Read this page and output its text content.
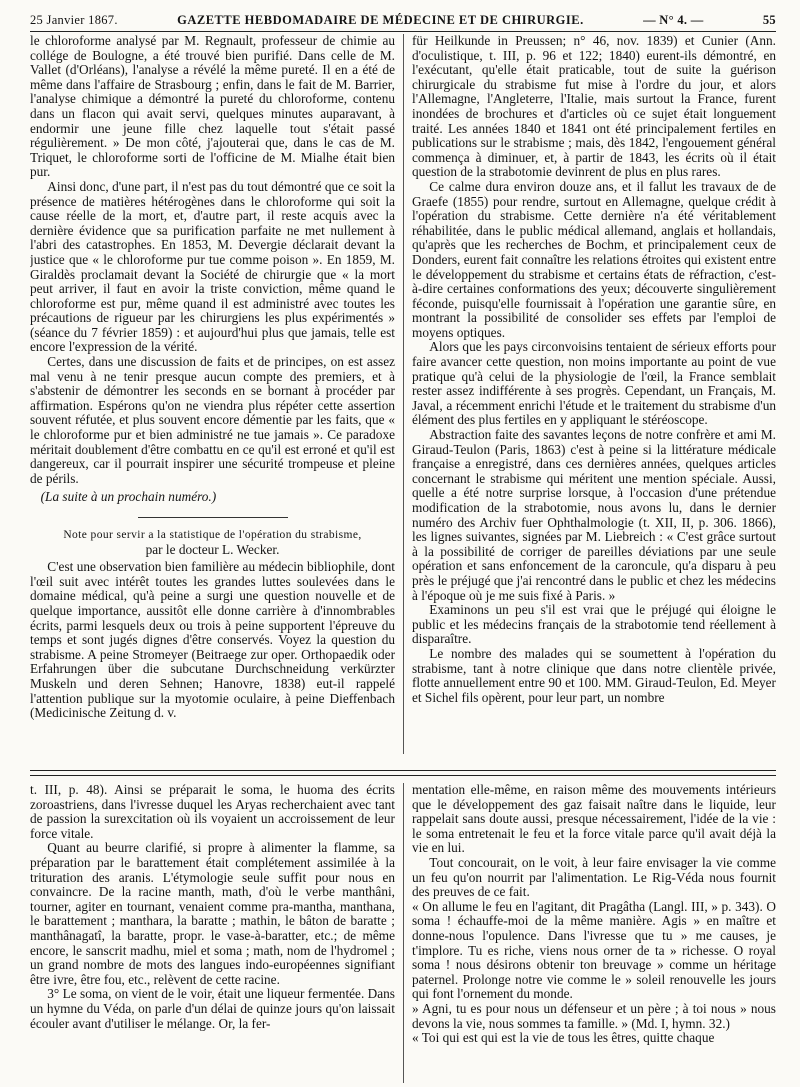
25 Janvier 1867.	GAZETTE HEBDOMADAIRE DE MÉDECINE ET DE CHIRURGIE.	— N° 4. —	55

le chloroforme analysé par M. Regnault, professeur de chimie au collége de Boulogne, a été trouvé bien purifié. Dans celle de M. Vallet (d'Orléans), l'analyse a révélé la même pureté. Il en a été de même dans l'affaire de Strasbourg ; enfin, dans le fait de M. Barrier, l'analyse chimique a démontré la pureté du chloroforme, contenu dans un flacon qui avait servi, quelques minutes auparavant, à endormir une jeune fille chez laquelle tout s'était passé régulièrement. » De mon côté, j'ajouterai que, dans le cas de M. Triquet, le chloroforme sorti de l'officine de M. Mialhe était bien pur.

Ainsi donc, d'une part, il n'est pas du tout démontré que ce soit la présence de matières hétérogènes dans le chloroforme qui soit la cause réelle de la mort, et, d'autre part, il reste acquis avec la dernière évidence que sa purification parfaite ne met nullement à l'abri des catastrophes. En 1853, M. Devergie déclarait devant la justice que « le chloroforme pur tue comme poison ». En 1859, M. Giraldès proclamait devant la Société de chirurgie que « la mort peut arriver, il faut en avoir la triste conviction, même quand le chloroforme est pur, même quand il est administré avec toutes les précautions de rigueur par les chirurgiens les plus expérimentés » (séance du 7 février 1859) : et aujourd'hui plus que jamais, telle est encore l'expression de la vérité.

Certes, dans une discussion de faits et de principes, on est assez mal venu à ne tenir presque aucun compte des premiers, et à s'abstenir de démontrer les seconds en se bornant à procéder par affirmation. Espérons qu'on ne viendra plus répéter cette assertion souvent réfutée, et plus souvent encore démentie par les faits, que « le chloroforme pur et bien administré ne tue jamais ». Ce paradoxe méritait doublement d'être combattu en ce qu'il est erroné et qu'il est dangereux, car il pourrait inspirer une sécurité trompeuse et pleine de périls.

(La suite à un prochain numéro.)

Note pour servir a la statistique de l'opération du strabisme,

par le docteur L. Wecker.

C'est une observation bien familière au médecin bibliophile, dont l'œil suit avec intérêt toutes les grandes luttes soulevées dans le domaine médical, qu'à peine a surgi une question nouvelle et de quelque importance, aussitôt elle donne carrière à d'innombrables écrits, parmi lesquels deux ou trois à peine supportent l'épreuve du temps et sont jugés dignes d'être conservés. Voyez la question du strabisme. A peine Stromeyer (Beitraege zur oper. Orthopaedik oder Erfahrungen über die subcutane Durchschneidung verkürzter Muskeln und deren Sehnen; Hanovre, 1838) eut-il rappelé l'attention publique sur la myotomie oculaire, à peine Dieffenbach (Medicinische Zeitung d. v.

für Heilkunde in Preussen; n° 46, nov. 1839) et Cunier (Ann. d'oculistique, t. III, p. 96 et 122; 1840) eurent-ils démontré, en l'exécutant, qu'elle était praticable, tout de suite la guérison chirurgicale du strabisme fut mise à l'ordre du jour, et alors l'Allemagne, l'Angleterre, l'Italie, mais surtout la France, furent inondées de brochures et d'articles où ce sujet était longuement traité. Les années 1840 et 1841 ont été principalement fertiles en publications sur le strabisme ; mais, dès 1842, l'engouement général commença à diminuer, et, à partir de 1843, les écrits où il était question de la strabotomie devinrent de plus en plus rares.

Ce calme dura environ douze ans, et il fallut les travaux de de Graefe (1855) pour rendre, surtout en Allemagne, quelque crédit à l'opération du strabisme. Cette dernière n'a été véritablement réhabilitée, dans le public médical allemand, anglais et hollandais, qu'après que les recherches de Bochm, et principalement ceux de Donders, eurent fait connaître les relations étroites qui existent entre le développement du strabisme et certains états de réfraction, c'est-à-dire certaines conformations des yeux; découverte singulièrement féconde, puisqu'elle fournissait à l'opération une garantie sûre, en montrant la possibilité de consolider ses effets par l'emploi de moyens optiques.

Alors que les pays circonvoisins tentaient de sérieux efforts pour faire avancer cette question, non moins importante au point de vue pratique qu'à celui de la physiologie de l'œil, la France semblait rester assez indifférente à ses progrès. Cependant, un Français, M. Javal, a récemment enrichi l'étude et le traitement du strabisme d'un élément des plus fertiles en y appliquant le stéréoscope.

Abstraction faite des savantes leçons de notre confrère et ami M. Giraud-Teulon (Paris, 1863) c'est à peine si la littérature médicale française a enregistré, dans ces dernières années, quelques articles concernant le strabisme qui méritent une mention spéciale. Aussi, quelle a été notre surprise lorsque, à l'occasion d'une prétendue modification de la strabotomie, nous avons lu, dans le dernier numéro des Archiv fuer Ophthalmologie (t. XII, II, p. 306. 1866), les lignes suivantes, signées par M. Liebreich : « C'est grâce surtout à la possibilité de corriger de pareilles déviations par une seule opération et sans enfoncement de la caroncule, qu'a disparu à peu près le préjugé que j'ai rencontré dans le public et chez les médecins à l'époque où je me suis fixé à Paris. »

Examinons un peu s'il est vrai que le préjugé qui éloigne le public et les médecins français de la strabotomie tend réellement à disparaître.

Le nombre des malades qui se soumettent à l'opération du strabisme, tant à notre clinique que dans notre clientèle privée, flotte annuellement entre 90 et 100. MM. Giraud-Teulon, Ed. Meyer et Sichel fils opèrent, pour leur part, un nombre

t. III, p. 48). Ainsi se préparait le soma, le huoma des écrits zoroastriens, dans l'ivresse duquel les Aryas recherchaient avec tant de passion la surexcitation où ils voyaient un accroissement de leur force vitale.

Quant au beurre clarifié, si propre à alimenter la flamme, sa préparation par le barattement était complétement assimilée à la trituration des aranis. L'étymologie seule suffit pour nous en convaincre. De la racine manth, math, d'où le verbe manthâni, tourner, agiter en tournant, venaient comme pra-mantha, manthana, le barattement ; manthara, la baratte ; mathin, le bâton de baratte ; manthânagatî, la baratte, propr. le vase-à-baratter, etc.; de même encore, le sanscrit madhu, miel et soma ; math, nom de l'hydromel ; un grand nombre de mots des langues indo-européennes signifiant être ivre, être fou, etc., relèvent de cette racine.

3° Le soma, on vient de le voir, était une liqueur fermentée. Dans un hymne du Véda, on parle d'un délai de quinze jours qu'on laissait écouler avant d'utiliser le mélange. Or, la fer-

mentation elle-même, en raison même des mouvements intérieurs que le développement des gaz faisait naître dans le liquide, leur rappelait sans doute aussi, presque nécessairement, l'idée de la vie : le soma entretenait le feu et la force vitale parce qu'il avait déjà la vie en lui.

Tout concourait, on le voit, à leur faire envisager la vie comme un feu qu'on nourrit par l'alimentation. Le Rig-Véda nous fournit des preuves de ce fait.

« On allume le feu en l'agitant, dit Pragâtha (Langl. III, » p. 343). O soma ! échauffe-moi de la même manière. Agis » en maître et donne-nous l'opulence. Dans l'ivresse que tu » me causes, je t'implore. Tu es riche, viens nous orner de ta » richesse. O royal soma ! nous désirons obtenir ton breuvage » comme un héritage paternel. Prolonge notre vie comme le » soleil renouvelle les jours qui font l'ornement du monde.

» Agni, tu es pour nous un défenseur et un père ; à toi nous » nous devons la vie, nous sommes ta famille. » (Md. I, hymn. 32.)

« Toi qui est qui est la vie de tous les êtres, quitte chaque
